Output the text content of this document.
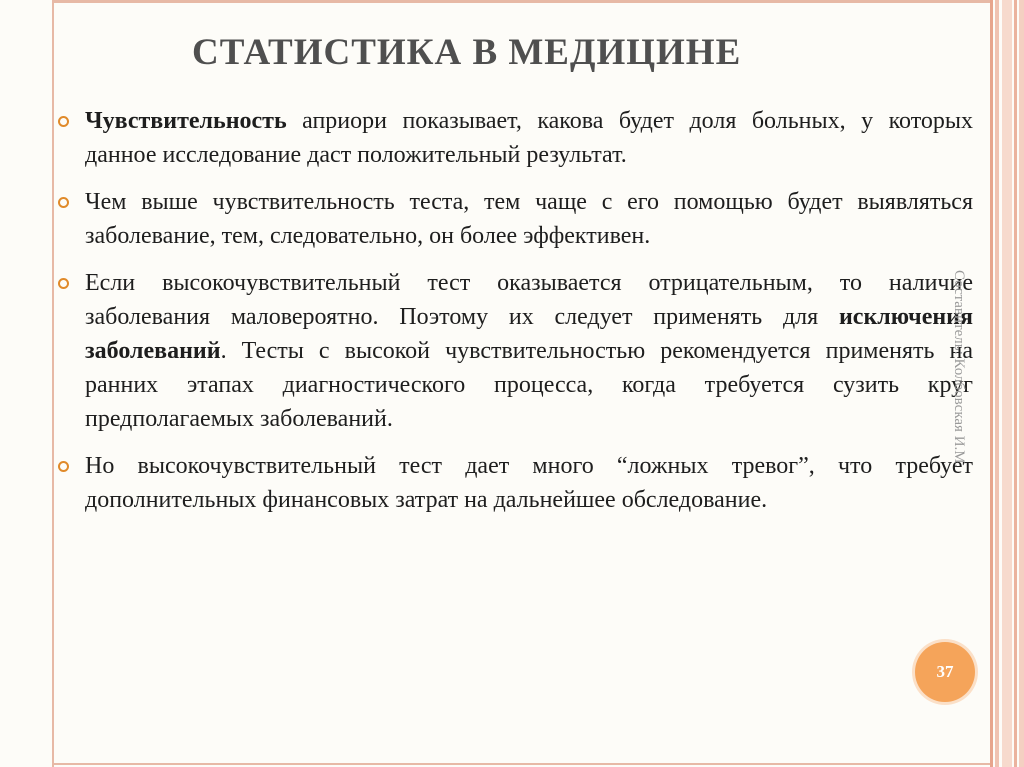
СТАТИСТИКА В МЕДИЦИНЕ

Чувствительность априори показывает, какова будет доля больных, у которых данное исследование даст положительный результат.

Чем выше чувствительность теста, тем чаще с его помощью будет выявляться заболевание, тем, следовательно, он более эффективен.

Если высокочувствительный тест оказывается отрицательным, то наличие заболевания маловероятно. Поэтому их следует применять для исключения заболеваний. Тесты с высокой чувствительностью рекомендуется применять на ранних этапах диагностического процесса, когда требуется сузить круг предполагаемых заболеваний.

Но высокочувствительный тест дает много “ложных тревог”, что требует дополнительных финансовых затрат на дальнейшее обследование.

Составитель: Колбовская И.М.
37
